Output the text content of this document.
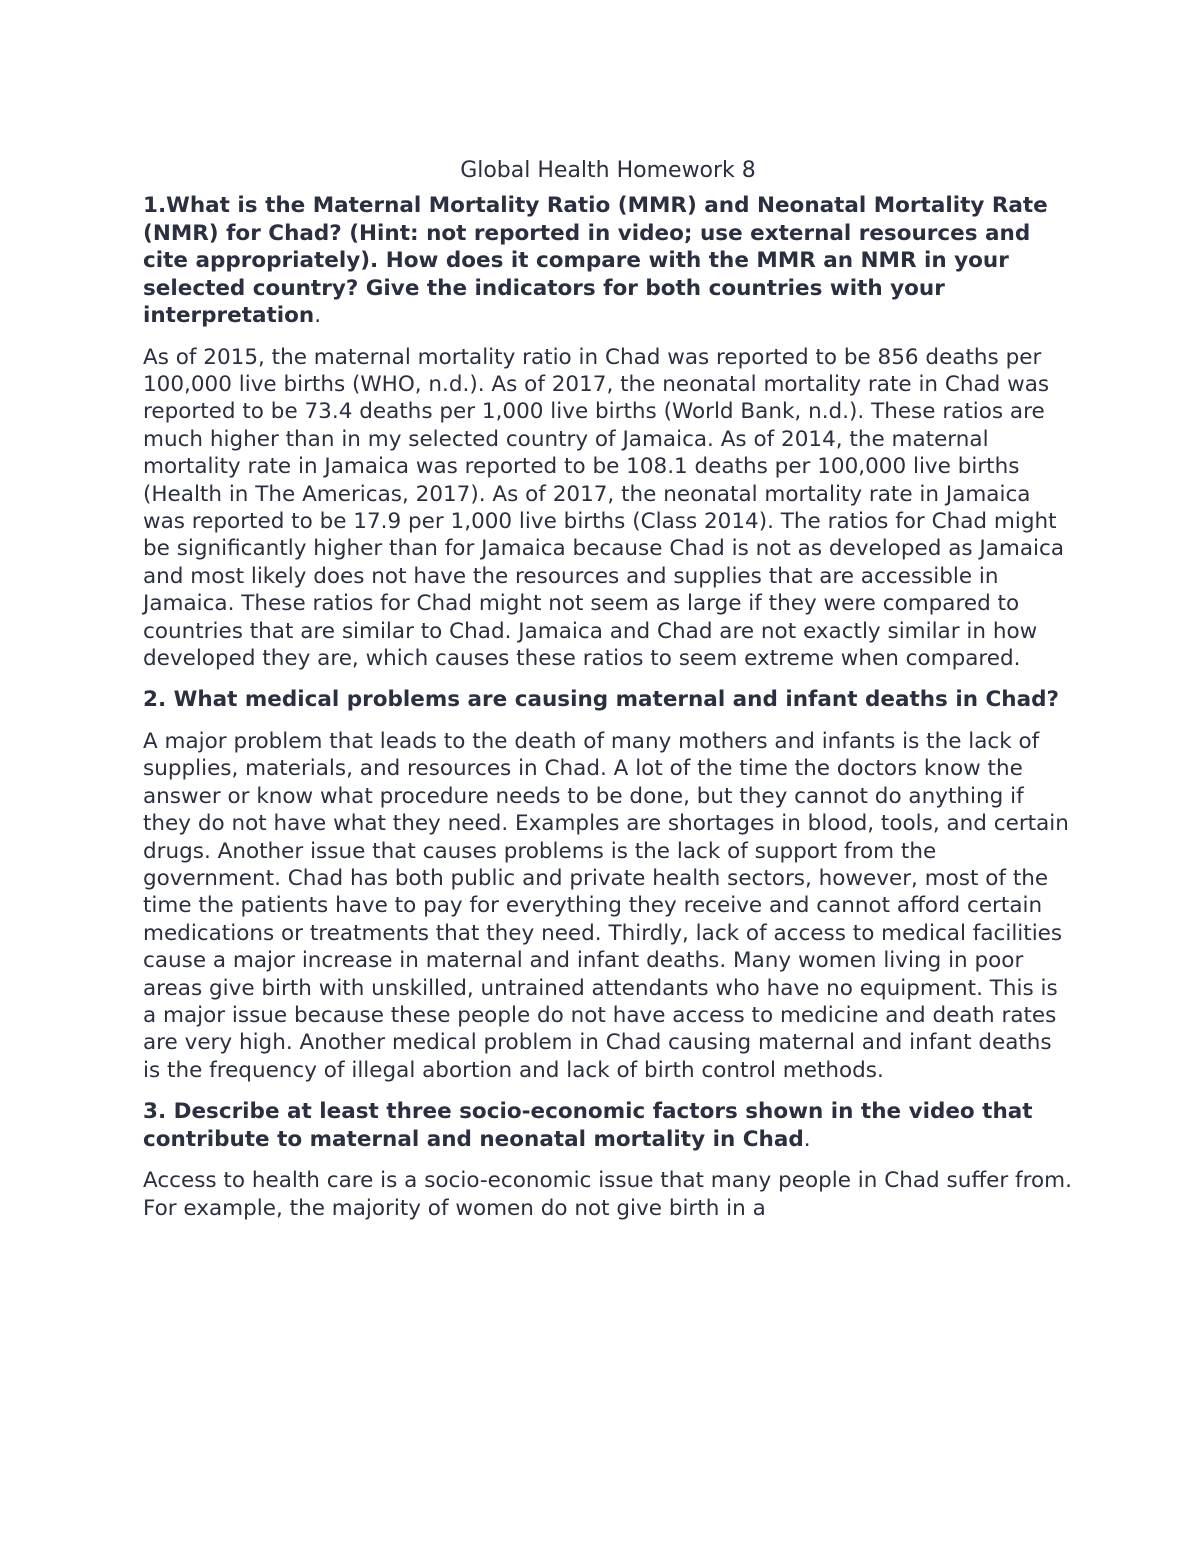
Global Health Homework 8

1.What is the Maternal Mortality Ratio (MMR) and Neonatal Mortality Rate (NMR) for Chad? (Hint: not reported in video; use external resources and cite appropriately). How does it compare with the MMR an NMR in your selected country? Give the indicators for both countries with your interpretation.

As of 2015, the maternal mortality ratio in Chad was reported to be 856 deaths per 100,000 live births (WHO, n.d.). As of 2017, the neonatal mortality rate in Chad was reported to be 73.4 deaths per 1,000 live births (World Bank, n.d.). These ratios are much higher than in my selected country of Jamaica. As of 2014, the maternal mortality rate in Jamaica was reported to be 108.1 deaths per 100,000 live births (Health in The Americas, 2017). As of 2017, the neonatal mortality rate in Jamaica was reported to be 17.9 per 1,000 live births (Class 2014). The ratios for Chad might be significantly higher than for Jamaica because Chad is not as developed as Jamaica and most likely does not have the resources and supplies that are accessible in Jamaica. These ratios for Chad might not seem as large if they were compared to countries that are similar to Chad. Jamaica and Chad are not exactly similar in how developed they are, which causes these ratios to seem extreme when compared.

2. What medical problems are causing maternal and infant deaths in Chad?

A major problem that leads to the death of many mothers and infants is the lack of supplies, materials, and resources in Chad. A lot of the time the doctors know the answer or know what procedure needs to be done, but they cannot do anything if they do not have what they need. Examples are shortages in blood, tools, and certain drugs. Another issue that causes problems is the lack of support from the government. Chad has both public and private health sectors, however, most of the time the patients have to pay for everything they receive and cannot afford certain medications or treatments that they need. Thirdly, lack of access to medical facilities cause a major increase in maternal and infant deaths. Many women living in poor areas give birth with unskilled, untrained attendants who have no equipment. This is a major issue because these people do not have access to medicine and death rates are very high. Another medical problem in Chad causing maternal and infant deaths is the frequency of illegal abortion and lack of birth control methods.

3. Describe at least three socio-economic factors shown in the video that contribute to maternal and neonatal mortality in Chad.

Access to health care is a socio-economic issue that many people in Chad suffer from. For example, the majority of women do not give birth in a
